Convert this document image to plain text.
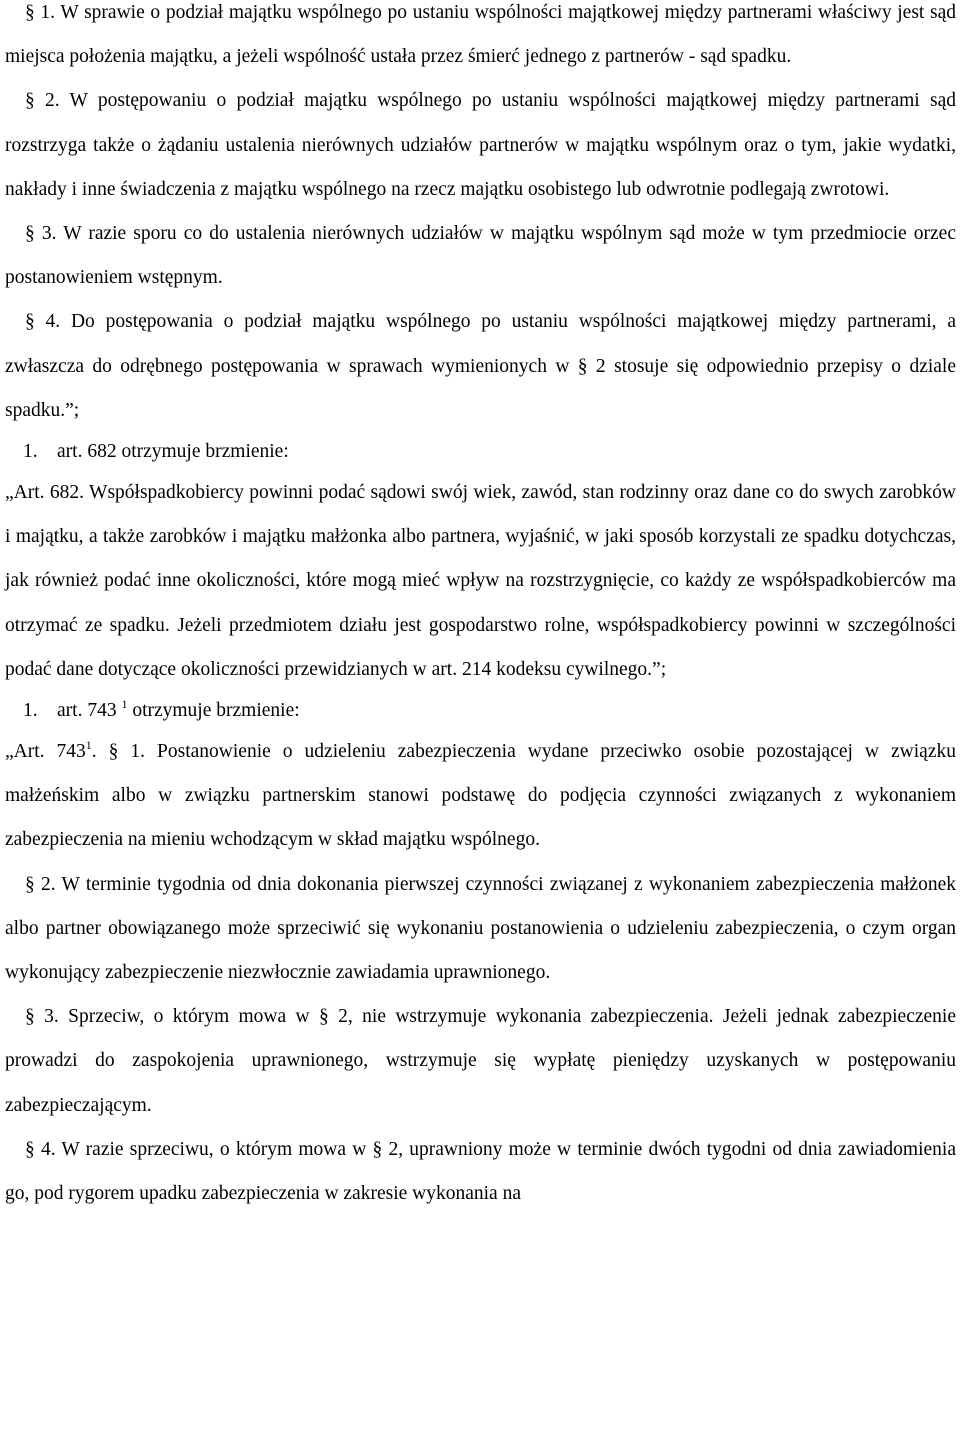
§ 1. W sprawie o podział majątku wspólnego po ustaniu wspólności majątkowej między partnerami właściwy jest sąd miejsca położenia majątku, a jeżeli wspólność ustała przez śmierć jednego z partnerów - sąd spadku.

§ 2. W postępowaniu o podział majątku wspólnego po ustaniu wspólności majątkowej między partnerami sąd rozstrzyga także o żądaniu ustalenia nierównych udziałów partnerów w majątku wspólnym oraz o tym, jakie wydatki, nakłady i inne świadczenia z majątku wspólnego na rzecz majątku osobistego lub odwrotnie podlegają zwrotowi.

§ 3. W razie sporu co do ustalenia nierównych udziałów w majątku wspólnym sąd może w tym przedmiocie orzec postanowieniem wstępnym.

§ 4. Do postępowania o podział majątku wspólnego po ustaniu wspólności majątkowej między partnerami, a zwłaszcza do odrębnego postępowania w sprawach wymienionych w § 2 stosuje się odpowiednio przepisy o dziale spadku.”;

1. art. 682 otrzymuje brzmienie:

„Art. 682. Współspadkobiercy powinni podać sądowi swój wiek, zawód, stan rodzinny oraz dane co do swych zarobków i majątku, a także zarobków i majątku małżonka albo partnera, wyjaśnić, w jaki sposób korzystali ze spadku dotychczas, jak również podać inne okoliczności, które mogą mieć wpływ na rozstrzygnięcie, co każdy ze współspadkobierców ma otrzymać ze spadku. Jeżeli przedmiotem działu jest gospodarstwo rolne, współspadkobiercy powinni w szczególności podać dane dotyczące okoliczności przewidzianych w art. 214 kodeksu cywilnego.”;

1. art. 743 $^1$ otrzymuje brzmienie:

„Art. $743^1$. § 1. Postanowienie o udzieleniu zabezpieczenia wydane przeciwko osobie pozostającej w związku małżeńskim albo w związku partnerskim stanowi podstawę do podjęcia czynności związanych z wykonaniem zabezpieczenia na mieniu wchodzącym w skład majątku wspólnego.

§ 2. W terminie tygodnia od dnia dokonania pierwszej czynności związanej z wykonaniem zabezpieczenia małżonek albo partner obowiązanego może sprzeciwić się wykonaniu postanowienia o udzieleniu zabezpieczenia, o czym organ wykonujący zabezpieczenie niezwłocznie zawiadamia uprawnionego.

§ 3. Sprzeciw, o którym mowa w § 2, nie wstrzymuje wykonania zabezpieczenia. Jeżeli jednak zabezpieczenie prowadzi do zaspokojenia uprawnionego, wstrzymuje się wypłatę pieniędzy uzyskanych w postępowaniu zabezpieczającym.

§ 4. W razie sprzeciwu, o którym mowa w § 2, uprawniony może w terminie dwóch tygodni od dnia zawiadomienia go, pod rygorem upadku zabezpieczenia w zakresie wykonania na
